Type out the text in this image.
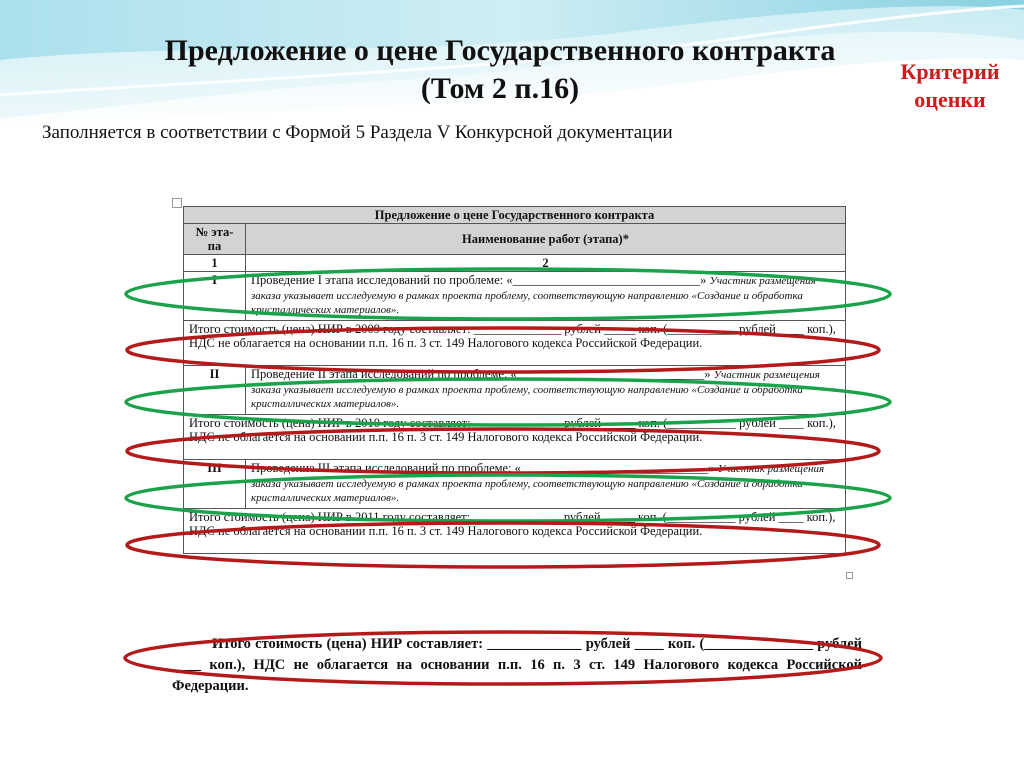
Предложение о цене Государственного контракта
(Том 2 п.16)
Критерий
оценки
Заполняется в соответствии с Формой 5 Раздела V Конкурсной документации
Предложение о цене Государственного контракта	
№ эта-па	Наименование работ (этапа)*
1	2
I	Проведение I этапа исследований по проблеме: «______________________________» Участник размещения заказа указывает исследуемую в рамках проекта проблему, соответствующую направлению «Создание и обработка кристаллических материалов».
Итого стоимость (цена) НИР в 2009 году составляет: ______________ рублей _____ коп. (___________ рублей ____ коп.), НДС не облагается на основании п.п. 16 п. 3 ст. 149 Налогового кодекса Российской Федерации.	
II	Проведение II этапа исследований по проблеме: «______________________________» Участник размещения заказа указывает исследуемую в рамках проекта проблему, соответствующую направлению «Создание и обработка кристаллических материалов».
Итого стоимость (цена) НИР в 2010 году составляет: ______________ рублей _____ коп. (___________ рублей ____ коп.), НДС не облагается на основании п.п. 16 п. 3 ст. 149 Налогового кодекса Российской Федерации.	
III	Проведение III этапа исследований по проблеме: «______________________________» Участник размещения заказа указывает исследуемую в рамках проекта проблему, соответствующую направлению «Создание и обработка кристаллических материалов».
Итого стоимость (цена) НИР в 2011 году составляет: ______________ рублей _____ коп. (___________ рублей ____ коп.), НДС не облагается на основании п.п. 16 п. 3 ст. 149 Налогового кодекса Российской Федерации.	
Итого стоимость (цена) НИР составляет: _____________ рублей ____ коп. (_______________ рублей ____ коп.), НДС не облагается на основании п.п. 16 п. 3 ст. 149 Налогового кодекса Российской Федерации.
